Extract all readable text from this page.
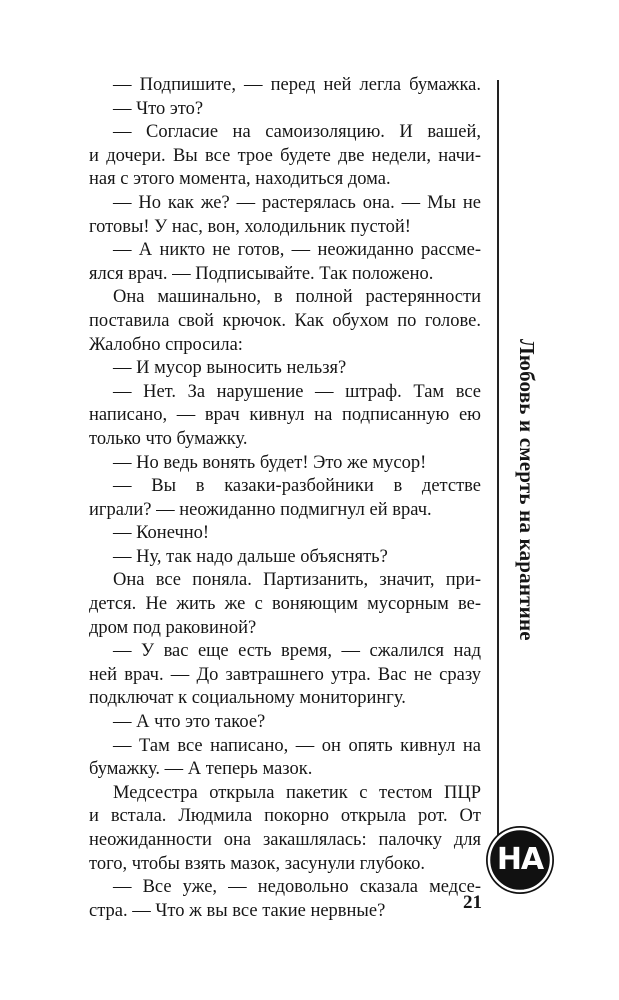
— Подпишите, — перед ней легла бумажка.
— Что это?
— Согласие на самоизоляцию. И вашей,
и дочери. Вы все трое будете две недели, начи-
ная с этого момента, находиться дома.
— Но как же? — растерялась она. — Мы не
готовы! У нас, вон, холодильник пустой!
— А никто не готов, — неожиданно рассме-
ялся врач. — Подписывайте. Так положено.
Она машинально, в полной растерянности
поставила свой крючок. Как обухом по голове.
Жалобно спросила:
— И мусор выносить нельзя?
— Нет. За нарушение — штраф. Там все
написано, — врач кивнул на подписанную ею
только что бумажку.
— Но ведь вонять будет! Это же мусор!
— Вы в казаки-разбойники в детстве
играли? — неожиданно подмигнул ей врач.
— Конечно!
— Ну, так надо дальше объяснять?
Она все поняла. Партизанить, значит, при-
дется. Не жить же с воняющим мусорным ве-
дром под раковиной?
— У вас еще есть время, — сжалился над
ней врач. — До завтрашнего утра. Вас не сразу
подключат к социальному мониторингу.
— А что это такое?
— Там все написано, — он опять кивнул на
бумажку. — А теперь мазок.
Медсестра открыла пакетик с тестом ПЦР
и встала. Людмила покорно открыла рот. От
неожиданности она закашлялась: палочку для
того, чтобы взять мазок, засунули глубоко.
— Все уже, — недовольно сказала медсе-
стра. — Что ж вы все такие нервные?
Любовь и смерть на карантине
НА
21
